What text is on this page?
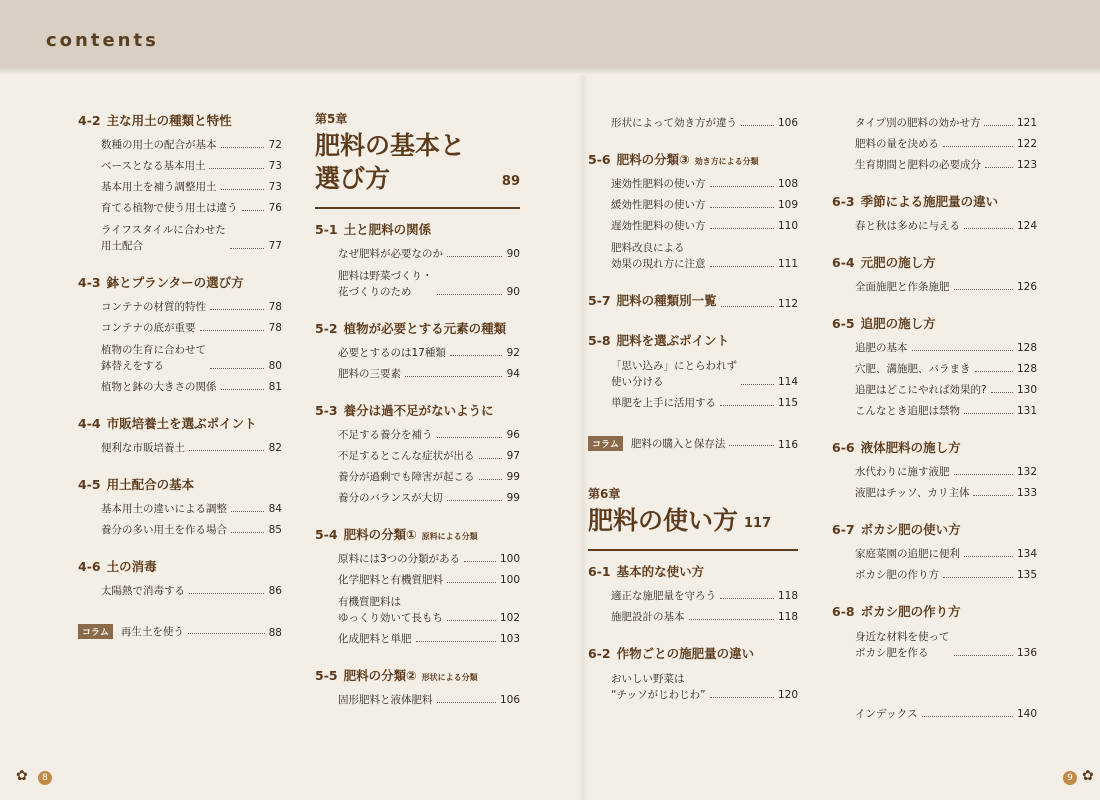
contents
4-2 主な用土の種類と特性
数種の用土の配合が基本	72
ベースとなる基本用土	73
基本用土を補う調整用土	73
育てる植物で使う用土は違う	76
ライフスタイルに合わせた
用土配合	77
4-3 鉢とプランターの選び方
コンテナの材質的特性	78
コンテナの底が重要	78
植物の生育に合わせて
鉢替えをする	80
植物と鉢の大きさの関係	81
4-4 市販培養土を選ぶポイント
便利な市販培養土	82
4-5 用土配合の基本
基本用土の違いによる調整	84
養分の多い用土を作る場合	85
4-6 土の消毒
太陽熱で消毒する	86
コラム	再生土を使う	88
第5章
肥料の基本と
選び方	89
5-1 土と肥料の関係
なぜ肥料が必要なのか	90
肥料は野菜づくり・
花づくりのため	90
5-2 植物が必要とする元素の種類
必要とするのは17種類	92
肥料の三要素	94
5-3 養分は過不足がないように
不足する養分を補う	96
不足するとこんな症状が出る	97
養分が過剰でも障害が起こる	99
養分のバランスが大切	99
5-4 肥料の分類① 原料による分類
原料には3つの分類がある	100
化学肥料と有機質肥料	100
有機質肥料は
ゆっくり効いて長もち	102
化成肥料と単肥	103
5-5 肥料の分類② 形状による分類
固形肥料と液体肥料	106
形状によって効き方が違う	106
5-6 肥料の分類③ 効き方による分類
速効性肥料の使い方	108
緩効性肥料の使い方	109
遅効性肥料の使い方	110
肥料改良による
効果の現れ方に注意	111
5-7 肥料の種類別一覧	112
5-8 肥料を選ぶポイント
「思い込み」にとらわれず
使い分ける	114
単肥を上手に活用する	115
コラム	肥料の購入と保存法	116
第6章
肥料の使い方 117
6-1 基本的な使い方
適正な施肥量を守ろう	118
施肥設計の基本	118
6-2 作物ごとの施肥量の違い
おいしい野菜は
“チッソがじわじわ”	120
タイプ別の肥料の効かせ方	121
肥料の量を決める	122
生育期間と肥料の必要成分	123
6-3 季節による施肥量の違い
春と秋は多めに与える	124
6-4 元肥の施し方
全面施肥と作条施肥	126
6-5 追肥の施し方
追肥の基本	128
穴肥、溝施肥、バラまき	128
追肥はどこにやれば効果的?	130
こんなとき追肥は禁物	131
6-6 液体肥料の施し方
水代わりに施す液肥	132
液肥はチッソ、カリ主体	133
6-7 ボカシ肥の使い方
家庭菜園の追肥に便利	134
ボカシ肥の作り方	135
6-8 ボカシ肥の作り方
身近な材料を使って
ボカシ肥を作る	136
インデックス	140
✿	8	9 ✿
